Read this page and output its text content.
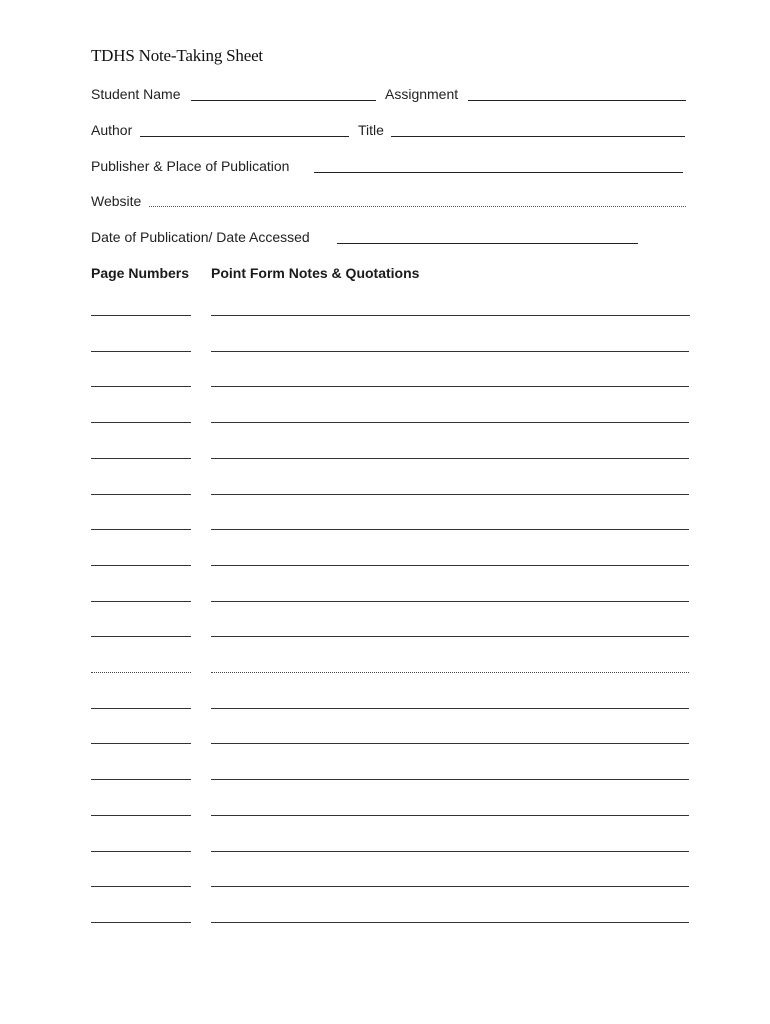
TDHS Note-Taking Sheet
Student Name	Assignment
Author	Title
Publisher & Place of Publication
Website
Date of Publication/ Date Accessed
Page Numbers Point Form Notes & Quotations
